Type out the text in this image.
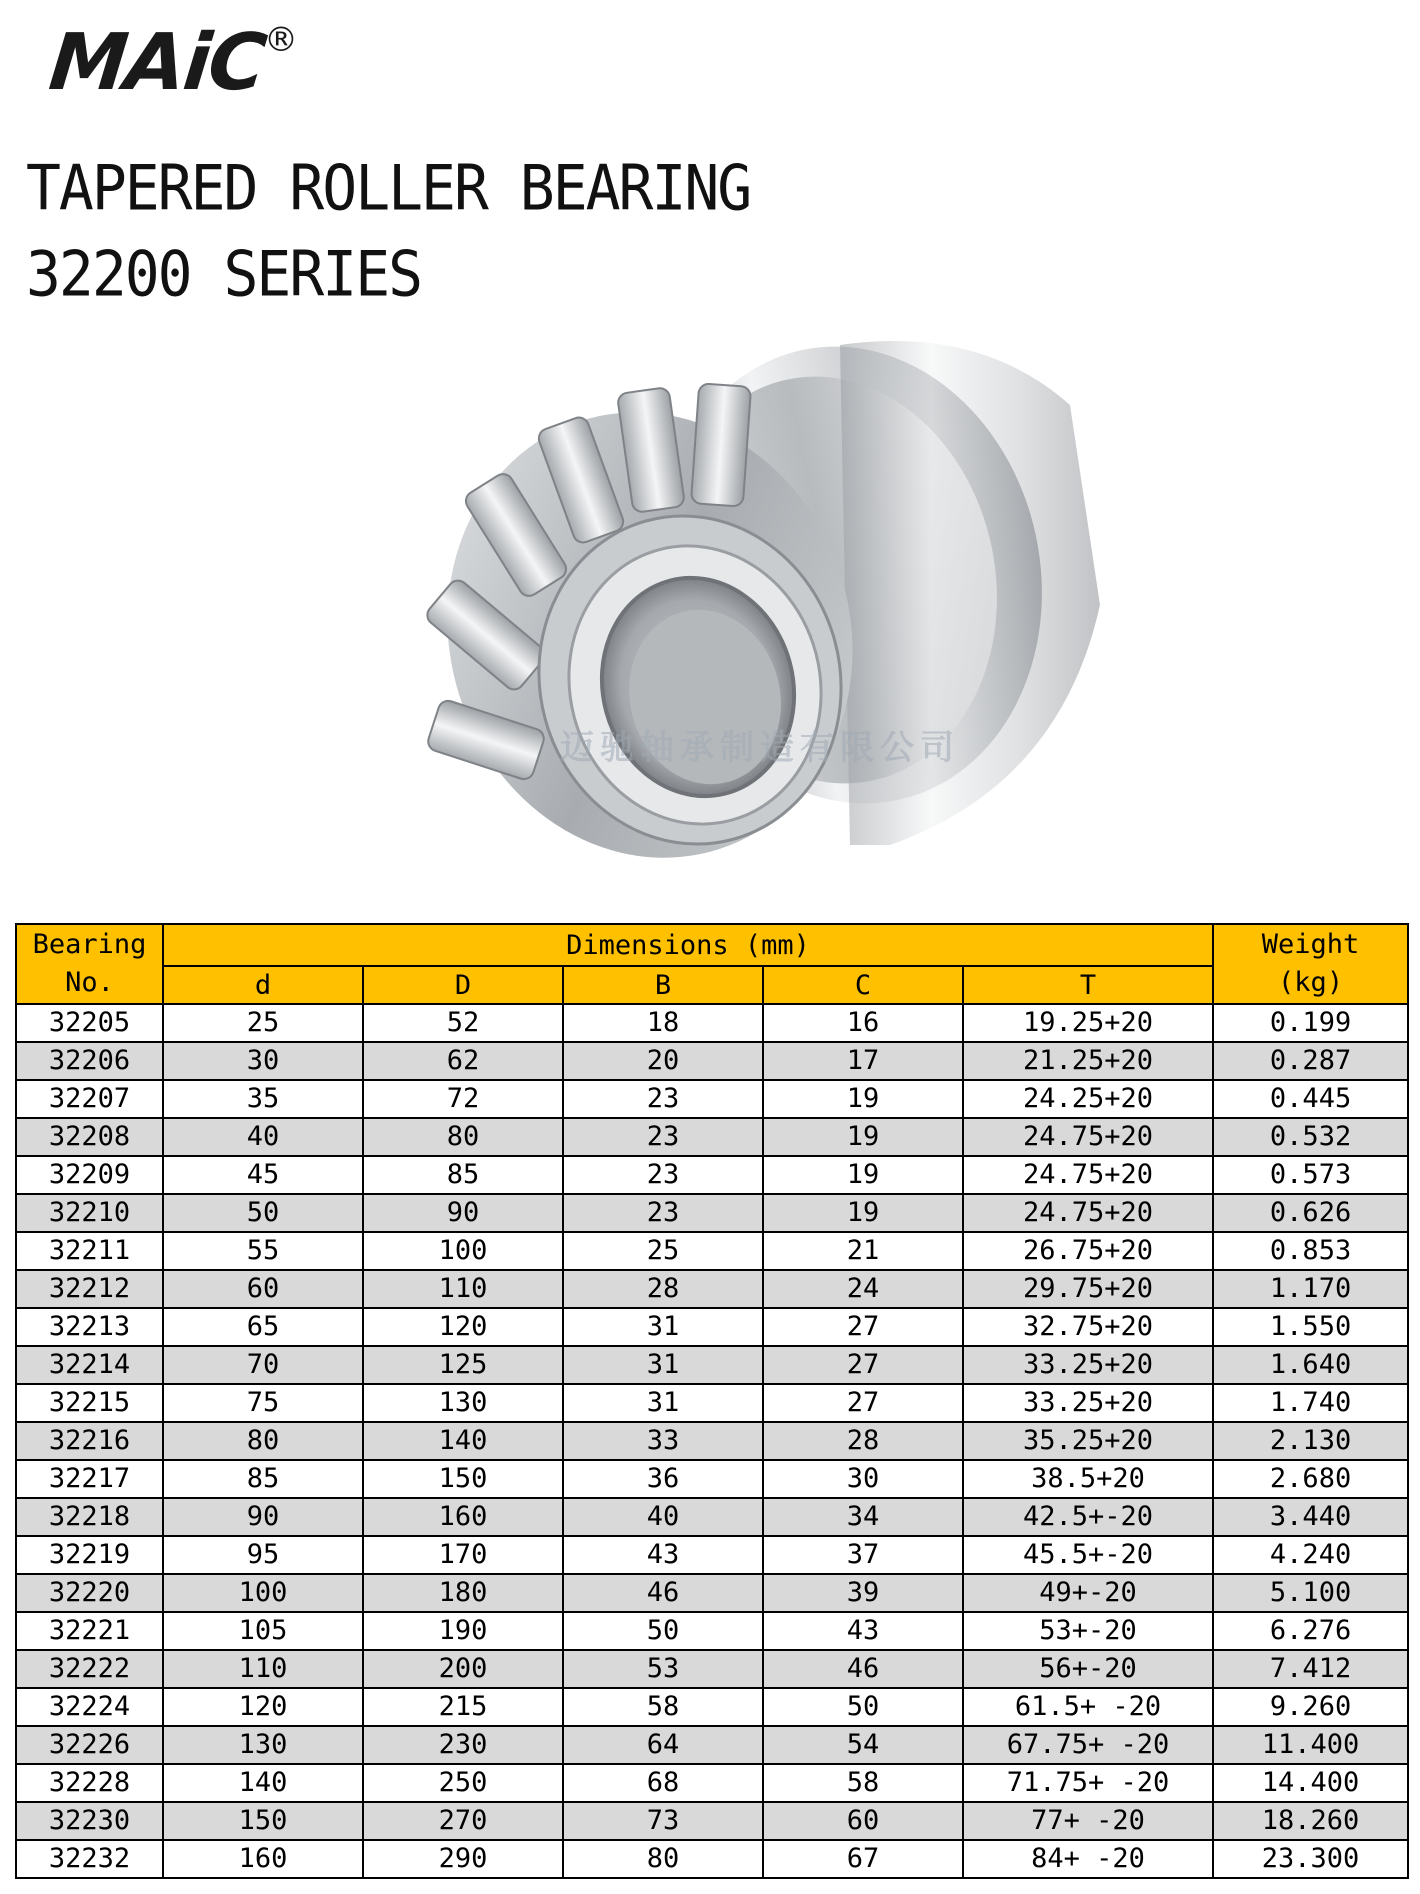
MAiC
®
TAPERED ROLLER BEARING
32200 SERIES
迈驰轴承制造有限公司
Bearing
No.	Dimensions (mm)					Weight
(kg)
	d	D	B	C	T	
32205	25	52	18	16	19.25+20	0.199
32206	30	62	20	17	21.25+20	0.287
32207	35	72	23	19	24.25+20	0.445
32208	40	80	23	19	24.75+20	0.532
32209	45	85	23	19	24.75+20	0.573
32210	50	90	23	19	24.75+20	0.626
32211	55	100	25	21	26.75+20	0.853
32212	60	110	28	24	29.75+20	1.170
32213	65	120	31	27	32.75+20	1.550
32214	70	125	31	27	33.25+20	1.640
32215	75	130	31	27	33.25+20	1.740
32216	80	140	33	28	35.25+20	2.130
32217	85	150	36	30	38.5+20	2.680
32218	90	160	40	34	42.5+-20	3.440
32219	95	170	43	37	45.5+-20	4.240
32220	100	180	46	39	49+-20	5.100
32221	105	190	50	43	53+-20	6.276
32222	110	200	53	46	56+-20	7.412
32224	120	215	58	50	61.5+ -20	9.260
32226	130	230	64	54	67.75+ -20	11.400
32228	140	250	68	58	71.75+ -20	14.400
32230	150	270	73	60	77+ -20	18.260
32232	160	290	80	67	84+ -20	23.300
